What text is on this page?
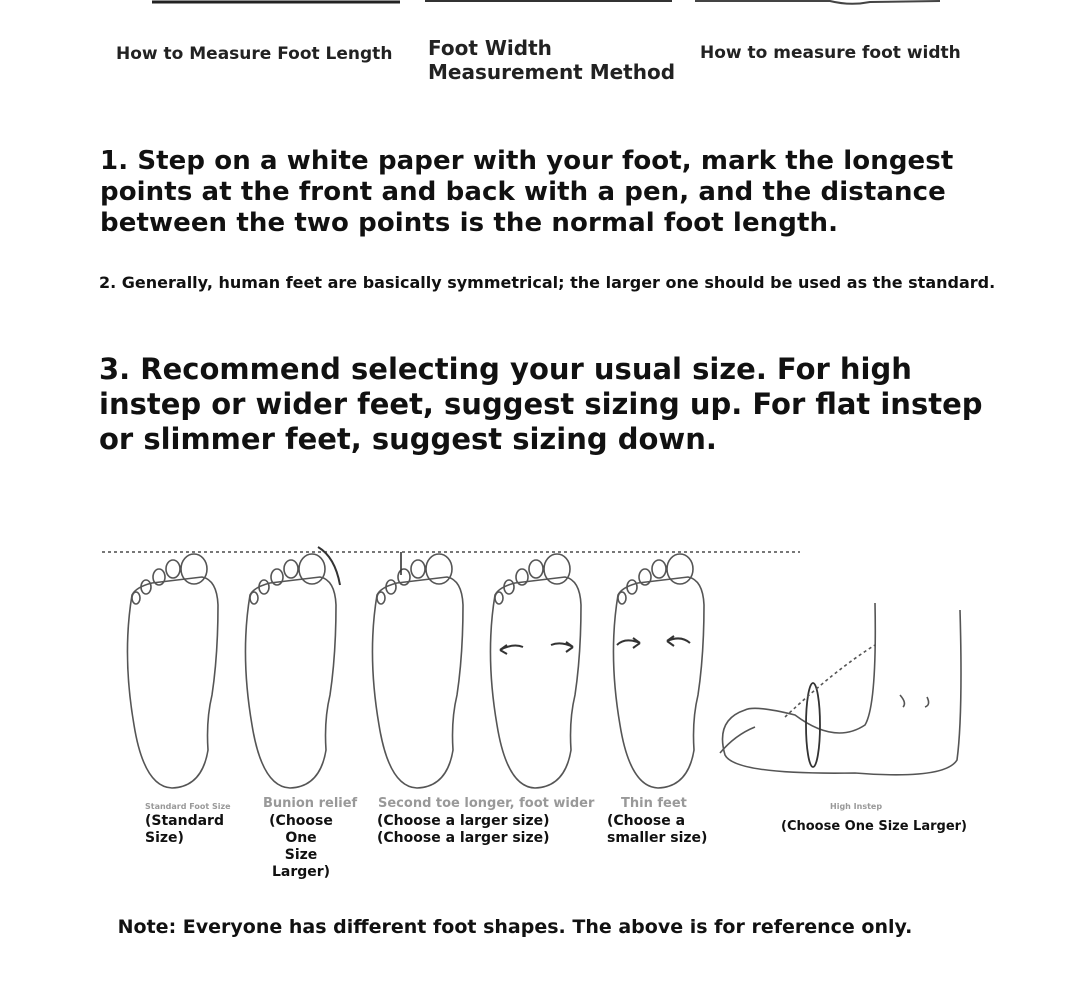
How to Measure Foot Length Foot Width
Measurement Method
How to measure foot width
1. Step on a white paper with your foot, mark the longest points at the front and back with a pen, and the distance between the two points is the normal foot length.
2. Generally, human feet are basically symmetrical; the larger one should be used as the standard.
3. Recommend selecting your usual size. For high instep or wider feet, suggest sizing up. For flat instep or slimmer feet, suggest sizing down.
Standard Foot Size
(Standard
Size)
Bunion relief
(Choose One
Size Larger)
Second toe longer, foot wider
(Choose a larger size)
(Choose a larger size)
Thin feet
(Choose a
smaller size)
High Instep
(Choose One Size Larger)
Note: Everyone has different foot shapes. The above is for reference only.
